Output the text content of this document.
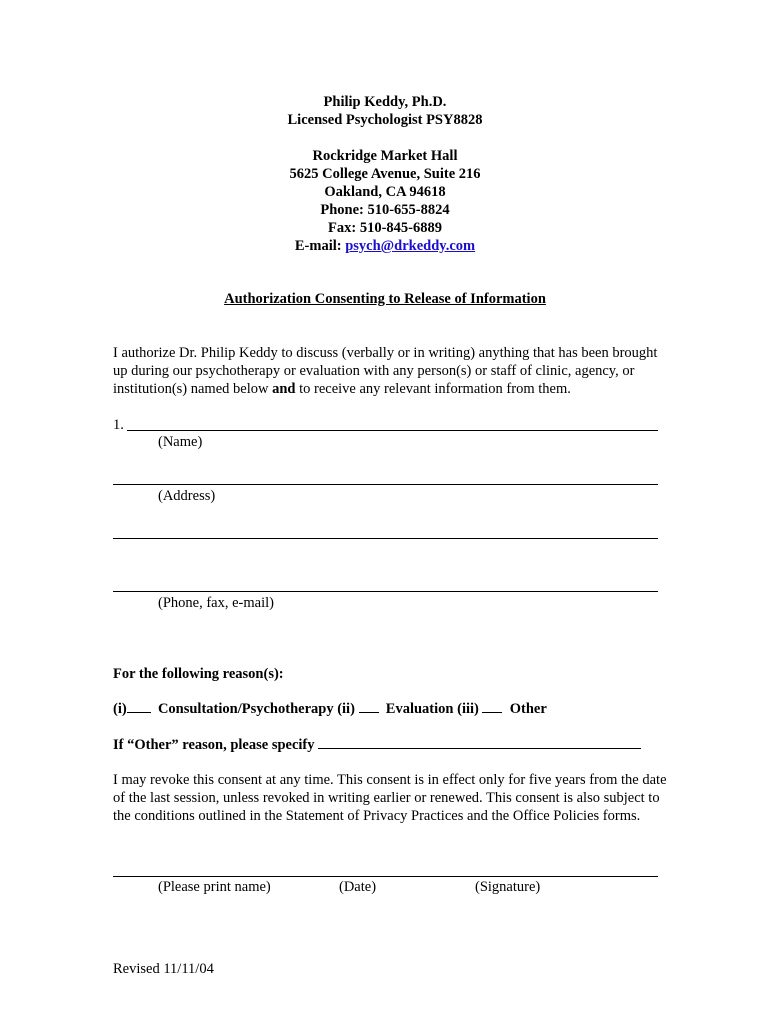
Philip Keddy, Ph.D.
Licensed Psychologist PSY8828
Rockridge Market Hall
5625 College Avenue, Suite 216
Oakland, CA 94618
Phone: 510-655-8824
Fax: 510-845-6889
E-mail: psych@drkeddy.com
Authorization Consenting to Release of Information
I authorize Dr. Philip Keddy to discuss (verbally or in writing) anything that has been brought up during our psychotherapy or evaluation with any person(s) or staff of clinic, agency, or institution(s) named below and to receive any relevant information from them.
1.
(Name)
(Address)
(Phone, fax, e-mail)
For the following reason(s):
(i) Consultation/Psychotherapy (ii) Evaluation (iii) Other
If “Other” reason, please specify
I may revoke this consent at any time. This consent is in effect only for five years from the date of the last session, unless revoked in writing earlier or renewed. This consent is also subject to the conditions outlined in the Statement of Privacy Practices and the Office Policies forms.
(Please print name)	(Date)	(Signature)
Revised 11/11/04
